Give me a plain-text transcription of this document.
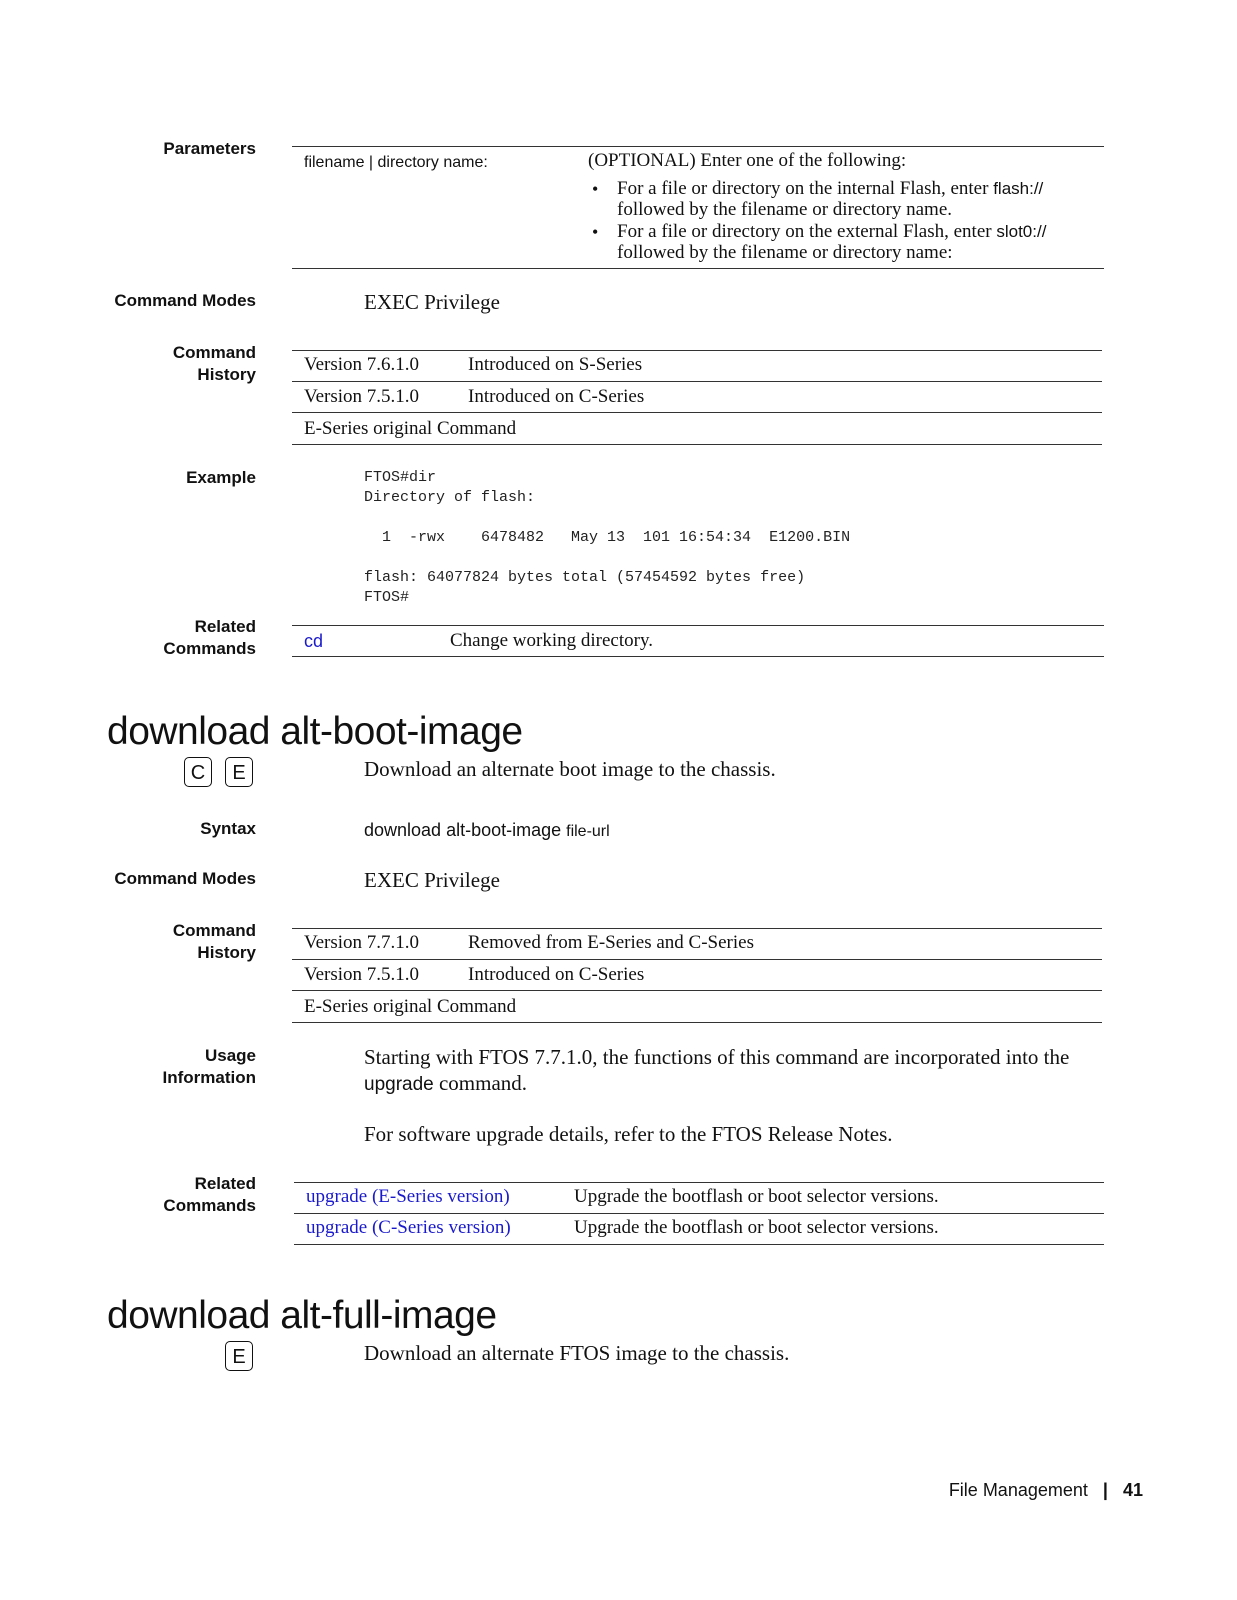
Parameters
filename | directory name:	(OPTIONAL) Enter one of the following:
• For a file or directory on the internal Flash, enter flash://
followed by the filename or directory name.
• For a file or directory on the external Flash, enter slot0://
followed by the filename or directory name:
Command Modes	EXEC Privilege
Command
History	Version 7.6.1.0	Introduced on S-Series
Version 7.5.1.0	Introduced on C-Series
E-Series original Command
Example	FTOS#dir
Directory of flash:
1  -rwx    6478482   May 13  101 16:54:34  E1200.BIN
flash: 64077824 bytes total (57454592 bytes free)
FTOS#
Related
Commands	cd	Change working directory.
download alt-boot-image
C	E	Download an alternate boot image to the chassis.
Syntax	download alt-boot-image file-url
Command Modes	EXEC Privilege
Command
History	Version 7.7.1.0	Removed from E-Series and C-Series
Version 7.5.1.0	Introduced on C-Series
E-Series original Command
Usage
Information
Starting with FTOS 7.7.1.0, the functions of this command are incorporated into the upgrade command.
For software upgrade details, refer to the FTOS Release Notes.
Related
Commands	upgrade (E-Series version)	Upgrade the bootflash or boot selector versions.
upgrade (C-Series version)	Upgrade the bootflash or boot selector versions.
download alt-full-image
E	Download an alternate FTOS image to the chassis.
File Management | 41
